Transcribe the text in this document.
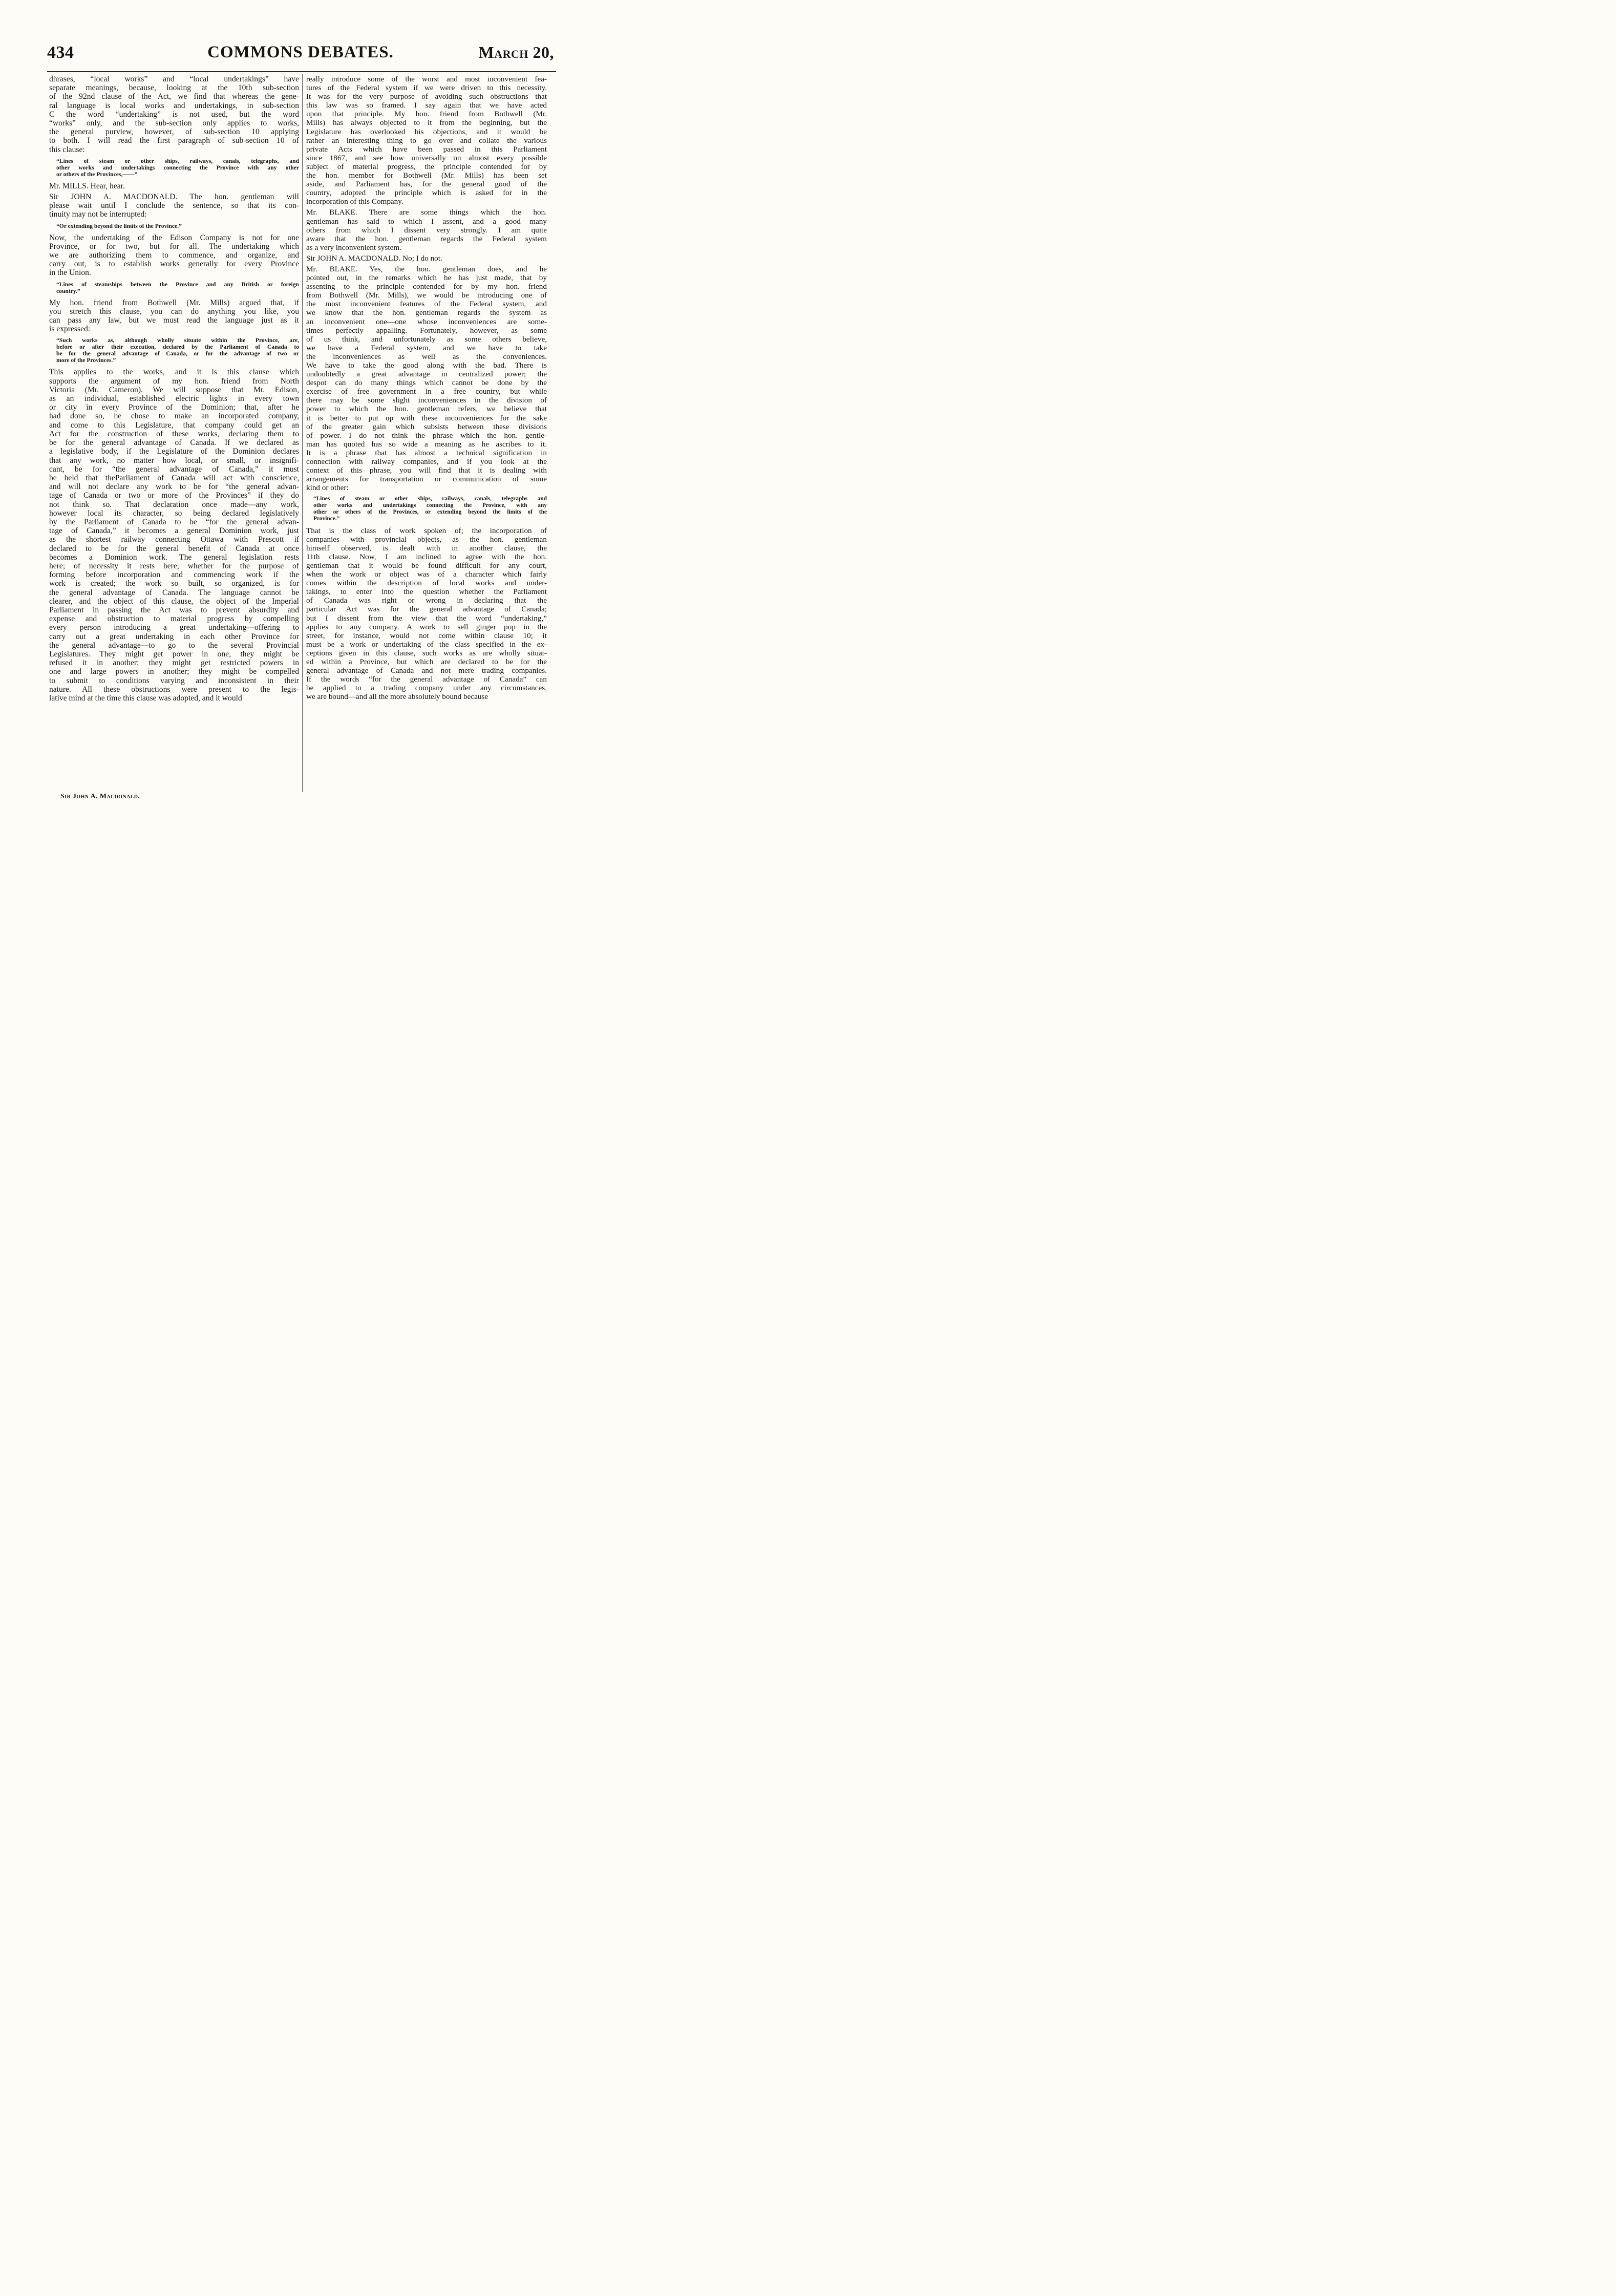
434	COMMONS DEBATES.	March 20,

dhrases, “local works” and “local undertakings” have
separate meanings, because, looking at the 10th sub-section
of the 92nd clause of the Act, we find that whereas the gene-
ral language is local works and undertakings, in sub-section
C the word “undertaking” is not used, but the word
“works” only, and the sub-section only applies to works,
the general purview, however, of sub-section 10 applying
to both. I will read the first paragraph of sub-section 10 of
this clause:

“Lines of steam or other ships, railways, canals, telegraphs, and
other works and undertakings connecting the Province with any other
or others of the Provinces,——”

Mr. MILLS. Hear, hear.

Sir JOHN A. MACDONALD. The hon. gentleman will
please wait until I conclude the sentence, so that its con-
tinuity may not be interrupted:

“Or extending beyond the limits of the Province.”

Now, the undertaking of the Edison Company is not for one
Province, or for two, but for all. The undertaking which
we are authorizing them to commence, and organize, and
carry out, is to establish works generally for every Province
in the Union.

“Lines of steamships between the Province and any British or foreign
country.”

My hon. friend from Bothwell (Mr. Mills) argued that, if
you stretch this clause, you can do anything you like, you
can pass any law, but we must read the language just as it
is expressed:

“Such works as, although wholly situate within the Province, are,
before or after their execution, declared by the Parliament of Canada to
be for the general advantage of Canada, or for the advantage of two or
more of the Provinces.”

This applies to the works, and it is this clause which
supports the argument of my hon. friend from North
Victoria (Mr. Cameron). We will suppose that Mr. Edison,
as an individual, established electric lights in every town
or city in every Province of the Dominion; that, after he
had done so, he chose to make an incorporated company,
and come to this Legislature, that company could get an
Act for the construction of these works, declaring them to
be for the general advantage of Canada. If we declared as
a legislative body, if the Legislature of the Dominion declares
that any work, no matter how local, or small, or insignifi-
cant, be for “the general advantage of Canada,” it must
be held that theParliament of Canada will act with conscience,
and will not declare any work to be for “the general advan-
tage of Canada or two or more of the Provinces” if they do
not think so. That declaration once made—any work,
however local its character, so being declared legislatively
by the Parliament of Canada to be “for the general advan-
tage of Canada,” it becomes a general Dominion work, just
as the shortest railway connecting Ottawa with Prescott if
declared to be for the general benefit of Canada at once
becomes a Dominion work. The general legislation rests
here; of necessity it rests here, whether for the purpose of
forming before incorporation and commencing work if the
work is created; the work so built, so organized, is for
the general advantage of Canada. The language cannot be
clearer, and the object of this clause, the object of the Imperial
Parliament in passing the Act was to prevent absurdity and
expense and obstruction to material progress by compelling
every person introducing a great undertaking—offering to
carry out a great undertaking in each other Province for
the general advantage—to go to the several Provincial
Legislatures. They might get power in one, they might be
refused it in another; they might get restricted powers in
one and large powers in another; they might be compelled
to submit to conditions varying and inconsistent in their
nature. All these obstructions were present to the legis-
lative mind at the time this clause was adopted, and it would

really introduce some of the worst and most inconvenient fea-
tures of the Federal system if we were driven to this necessity.
It was for the very purpose of avoiding such obstructions that
this law was so framed. I say again that we have acted
upon that principle. My hon. friend from Bothwell (Mr.
Mills) has always objected to it from the beginning, but the
Legislature has overlooked his objections, and it would be
rather an interesting thing to go over and collate the various
private Acts which have been passed in this Parliament
since 1867, and see how universally on almost every possible
subject of material progress, the principle contended for by
the hon. member for Bothwell (Mr. Mills) has been set
aside, and Parliament has, for the general good of the
country, adopted the principle which is asked for in the
incorporation of this Company.

Mr. BLAKE. There are some things which the hon.
gentleman has said to which I assent, and a good many
others from which I dissent very strongly. I am quite
aware that the hon. gentleman regards the Federal system
as a very inconvenient system.

Sir JOHN A. MACDONALD. No; I do not.

Mr. BLAKE. Yes, the hon. gentleman does, and he
pointed out, in the remarks which he has just made, that by
assenting to the principle contended for by my hon. friend
from Bothwell (Mr. Mills), we would be introducing one of
the most inconvenient features of the Federal system, and
we know that the hon. gentleman regards the system as
an inconvenient one—one whose inconveniences are some-
times perfectly appalling. Fortunately, however, as some
of us think, and unfortunately as some others believe,
we have a Federal system, and we have to take
the inconveniences as well as the conveniences.
We have to take the good along with the bad. There is
undoubtedly a great advantage in centralized power; the
despot can do many things which cannot be done by the
exercise of free government in a free country, but while
there may be some slight inconveniences in the division of
power to which the hon. gentleman refers, we believe that
it is better to put up with these inconveniences for the sake
of the greater gain which subsists between these divisions
of power. I do not think the phrase which the hon. gentle-
man has quoted has so wide a meaning as he ascribes to it.
It is a phrase that has almost a technical signification in
connection with railway companies, and if you look at the
context of this phrase, you will find that it is dealing with
arrangements for transportation or communication of some
kind or other:

“Lines of steam or other ships, railways, canals, telegraphs and
other works and undertakings connecting the Province, with any
other or others of the Provinces, or extending beyond the limits of the
Province.”

That is the class of work spoken of; the incorporation of
companies with provincial objects, as the hon. gentleman
himself observed, is dealt with in another clause, the
11th clause. Now, I am inclined to agree with the hon.
gentleman that it would be found difficult for any court,
when the work or object was of a character which fairly
comes within the description of local works and under-
takings, to enter into the question whether the Parliament
of Canada was right or wrong in declaring that the
particular Act was for the general advantage of Canada;
but I dissent from the view that the word “undertaking,”
applies to any company. A work to sell ginger pop in the
street, for instance, would not come within clause 10; it
must be a work or undertaking of the class specified in the ex-
ceptions given in this clause, such works as are wholly situat-
ed within a Province, but which are declared to be for the
general advantage of Canada and not mere trading companies.
If the words “for the general advantage of Canada” can
be applied to a trading company under any circumstances,
we are bound—and all the more absolutely bound because

Sir John A. Macdonald.
